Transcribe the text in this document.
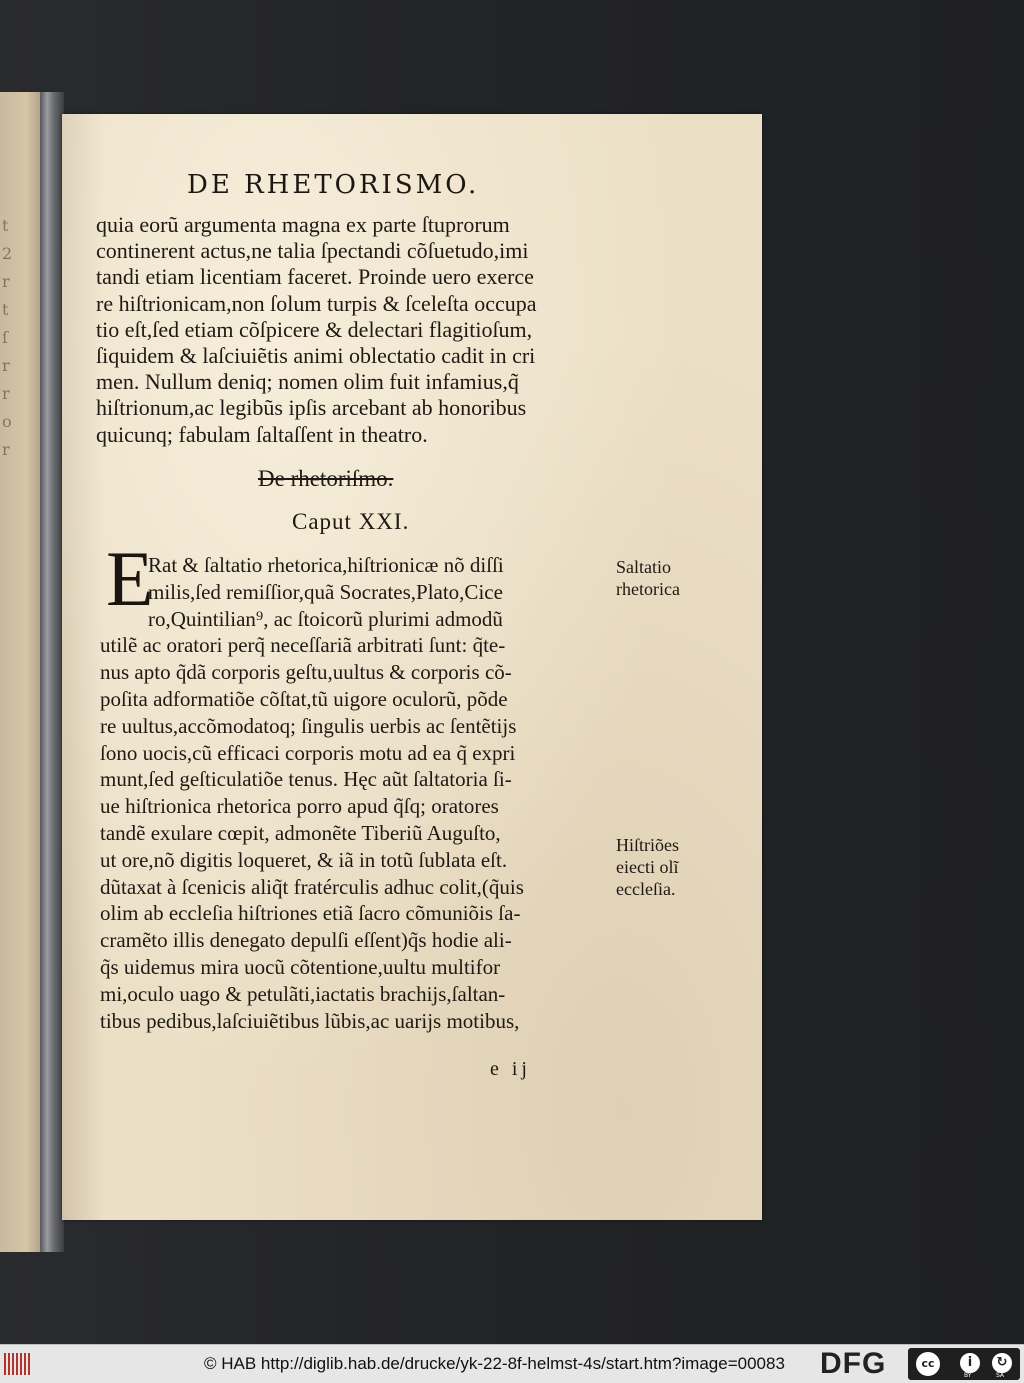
t
2
r
t
ſ
r
r
o
r
DE RHETORISMO.
quia eorũ argumenta magna ex parte ſtuprorum
continerent actus,ne talia ſpectandi cõſuetudo,imi
tandi etiam licentiam faceret. Proinde uero exerce
re hiſtrionicam,non ſolum turpis & ſceleſta occupa
tio eſt,ſed etiam cõſpicere & delectari flagitioſum,
ſiquidem & laſciuiẽtis animi oblectatio cadit in cri
men. Nullum deniq; nomen olim fuit infamius,q̃
hiſtrionum,ac legibũs ipſis arcebant ab honoribus
quicunq; fabulam ſaltaſſent in theatro.
De rhetoriſmo.
Caput XXI.
E
Rat & ſaltatio rhetorica,hiſtrionicæ nõ diſſi
milis,ſed remiſſior,quã Socrates,Plato,Cice
ro,Quintilian⁹, ac ſtoicorũ plurimi admodũ
utilẽ ac oratori perq̃ neceſſariã arbitrati ſunt: q̃te-
nus apto q̃dã corporis geſtu,uultus & corporis cõ-
poſita adformatiõe cõſtat,tũ uigore oculorũ, põde
re uultus,accõmodatoq; ſingulis uerbis ac ſentẽtijs
ſono uocis,cũ efficaci corporis motu ad ea q̃ expri
munt,ſed geſticulatiõe tenus. Hęc aũt ſaltatoria ſi-
ue hiſtrionica rhetorica porro apud q̃ſq; oratores
tandẽ exulare cœpit, admonẽte Tiberiũ Auguſto,
ut ore,nõ digitis loqueret, & iã in totũ ſublata eſt.
dũtaxat à ſcenicis aliq̃t fratérculis adhuc colit,(q̃uis
olim ab eccleſia hiſtriones etiã ſacro cõmuniõis ſa-
cramẽto illis denegato depulſi eſſent)q̃s hodie ali-
q̃s uidemus mira uocũ cõtentione,uultu multifor
mi,oculo uago & petulãti,iactatis brachijs,ſaltan-
tibus pedibus,laſciuiẽtibus lũbis,ac uarijs motibus,
Saltatio
rhetorica
Hiſtriões
eiecti olĩ
eccleſia.
e ij
© HAB http://diglib.hab.de/drucke/yk-22-8f-helmst-4s/start.htm?image=00083 DFG	cc	i	↻
BY	SA
